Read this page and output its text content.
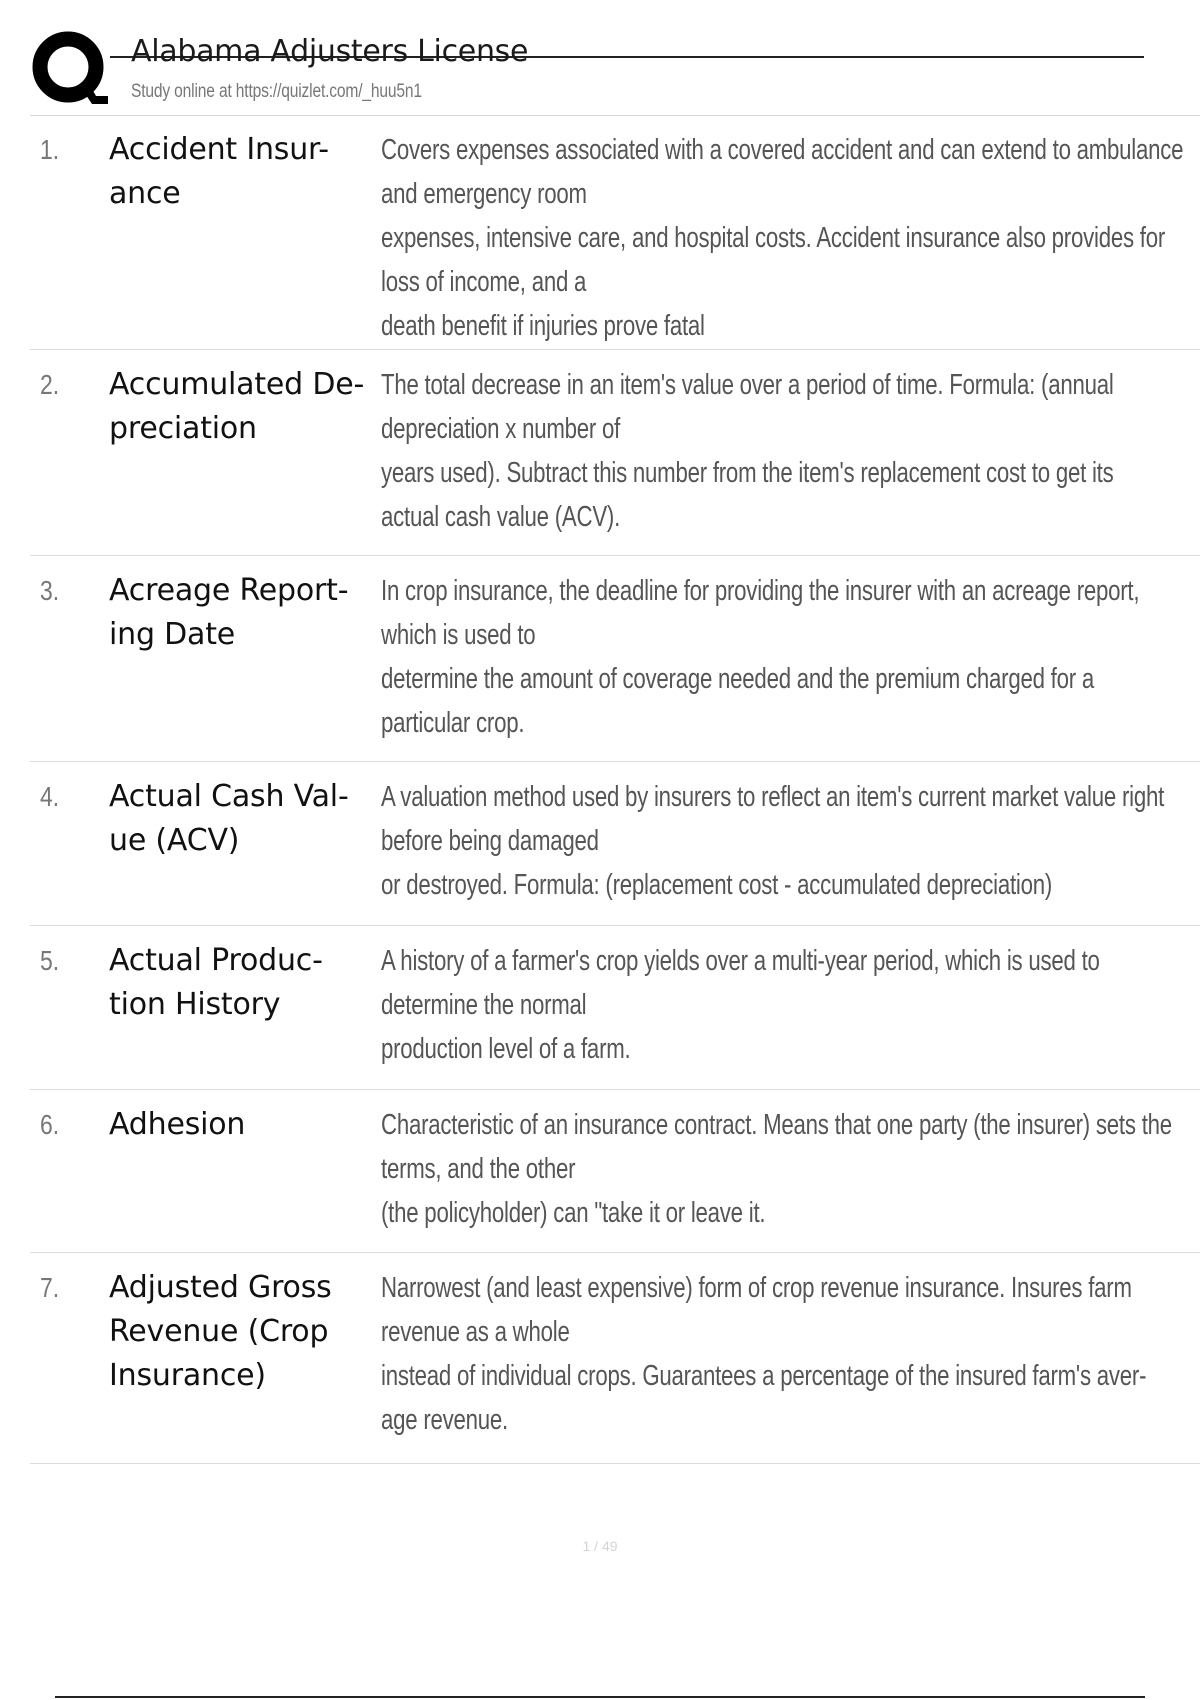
Alabama Adjusters License
Study online at https://quizlet.com/_huu5n1
1. Accident Insur- ance
Covers expenses associated with a covered accident and can extend to ambulance
and emergency room
expenses, intensive care, and hospital costs. Accident insurance also provides for
loss of income, and a
death benefit if injuries prove fatal
2. Accumulated De- preciation
The total decrease in an item's value over a period of time. Formula: (annual
depreciation x number of
years used). Subtract this number from the item's replacement cost to get its
actual cash value (ACV).
3. Acreage Report- ing Date
In crop insurance, the deadline for providing the insurer with an acreage report,
which is used to
determine the amount of coverage needed and the premium charged for a
particular crop.
4. Actual Cash Val- ue (ACV)
A valuation method used by insurers to reflect an item's current market value right
before being damaged
or destroyed. Formula: (replacement cost - accumulated depreciation)
5. Actual Produc- tion History
A history of a farmer's crop yields over a multi-year period, which is used to
determine the normal
production level of a farm.
6. Adhesion	Characteristic of an insurance contract. Means that one party (the insurer) sets the
terms, and the other
(the policyholder) can "take it or leave it.
7. Adjusted Gross Revenue (Crop Insurance)
Narrowest (and least expensive) form of crop revenue insurance. Insures farm
revenue as a whole
instead of individual crops. Guarantees a percentage of the insured farm's aver-
age revenue.
1 / 49
